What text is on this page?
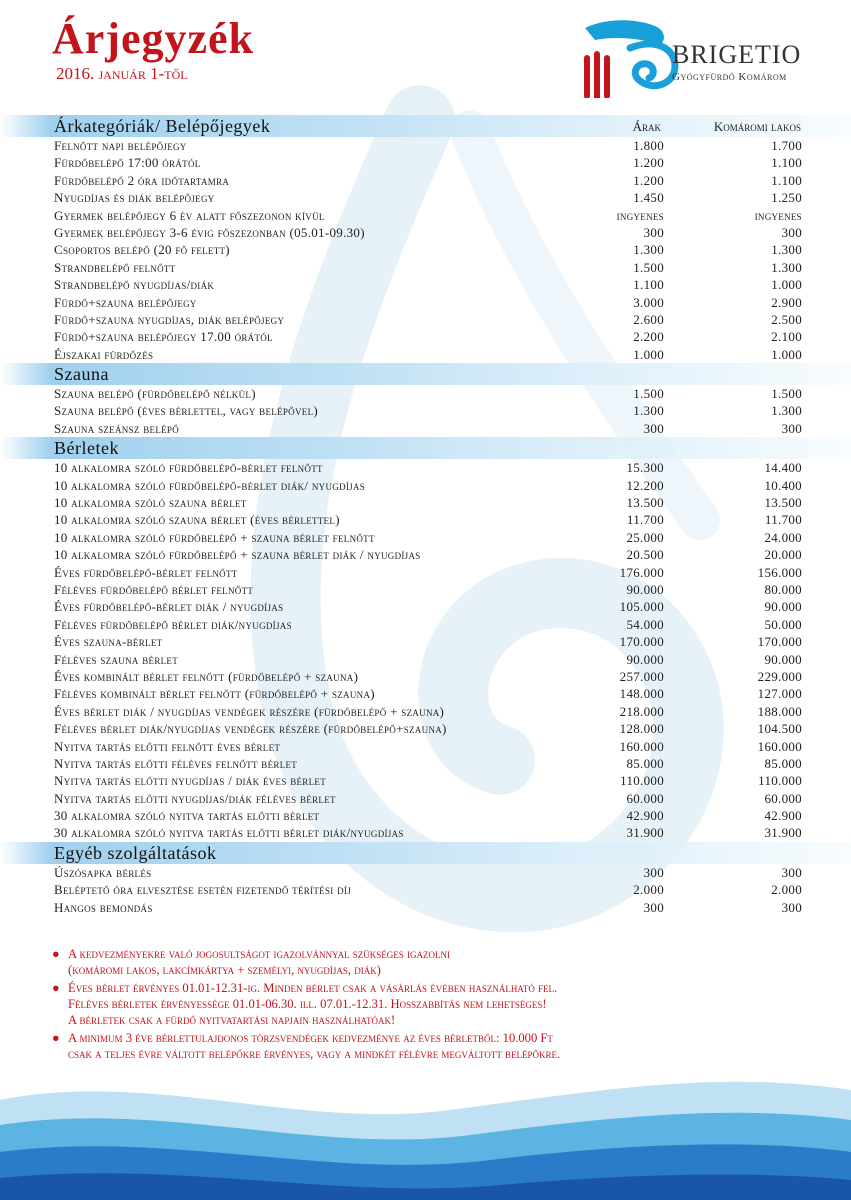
Árjegyzék
2016. január 1-től
BRIGETIO
Gyógyfürdő Komárom
Árkategóriák/ Belépőjegyek	Árak	Komáromi lakos
Felnőtt napi belépőjegy	1.800	1.700
Fürdőbelépő 17:00 órától	1.200	1.100
Fürdőbelépő 2 óra időtartamra	1.200	1.100
Nyugdíjas és diák belépőjegy	1.450	1.250
Gyermek belépőjegy 6 év alatt főszezonon kívül	ingyenes	ingyenes
Gyermek belépőjegy 3-6 évig főszezonban (05.01-09.30)	300	300
Csoportos belépő (20 fő felett)	1.300	1.300
Strandbelépő felnőtt	1.500	1.300
Strandbelépő nyugdíjas/diák	1.100	1.000
Fürdő+szauna belépőjegy	3.000	2.900
Fürdő+szauna nyugdíjas, diák belépőjegy	2.600	2.500
Fürdő+szauna belépőjegy 17.00 órától	2.200	2.100
Éjszakai fürdőzés	1.000	1.000
Szauna
Szauna belépő (fürdőbelépő nélkül)	1.500	1.500
Szauna belépő (éves bérlettel, vagy belépővel)	1.300	1.300
Szauna szeánsz belépő	300	300
Bérletek
10 alkalomra szóló fürdőbelépő-bérlet felnőtt	15.300	14.400
10 alkalomra szóló fürdőbelépő-bérlet diák/ nyugdíjas	12.200	10.400
10 alkalomra szóló szauna bérlet	13.500	13.500
10 alkalomra szóló szauna bérlet (éves bérlettel)	11.700	11.700
10 alkalomra szóló fürdőbelépő + szauna bérlet felnőtt	25.000	24.000
10 alkalomra szóló fürdőbelépő + szauna bérlet diák / nyugdíjas	20.500	20.000
Éves fürdőbelépő-bérlet felnőtt	176.000	156.000
Féléves fürdőbelépő bérlet felnőtt	90.000	80.000
Éves fürdőbelépő-bérlet diák / nyugdíjas	105.000	90.000
Féléves fürdőbelépő bérlet diák/nyugdíjas	54.000	50.000
Éves szauna-bérlet	170.000	170.000
Féléves szauna bérlet	90.000	90.000
Éves kombinált bérlet felnőtt (fürdőbelépő + szauna)	257.000	229.000
Féléves kombinált bérlet felnőtt (fürdőbelépő + szauna)	148.000	127.000
Éves bérlet diák / nyugdíjas vendégek részére (fürdőbelépő + szauna)	218.000	188.000
Féléves bérlet diák/nyugdíjas vendégek részére (fürdőbelépő+szauna)	128.000	104.500
Nyitva tartás előtti felnőtt éves bérlet	160.000	160.000
Nyitva tartás előtti féléves felnőtt bérlet	85.000	85.000
Nyitva tartás előtti nyugdíjas / diák éves bérlet	110.000	110.000
Nyitva tartás előtti nyugdíjas/diák féléves bérlet	60.000	60.000
30 alkalomra szóló nyitva tartás előtti bérlet	42.900	42.900
30 alkalomra szóló nyitva tartás előtti bérlet diák/nyugdíjas	31.900	31.900
Egyéb szolgáltatások
Úszósapka bérlés	300	300
Beléptető óra elvesztése esetén fizetendő térítési díj	2.000	2.000
Hangos bemondás	300	300
● A kedvezményekre való jogosultságot igazolvánnyal szükséges igazolni
(komáromi lakos, lakcímkártya + személyi, nyugdíjas, diák)
● Éves bérlet érvényes 01.01-12.31-ig. Minden bérlet csak a vásárlás évében használható fel.
Féléves bérletek érvényessége 01.01-06.30. ill. 07.01.-12.31. Hosszabbítás nem lehetséges!
A bérletek csak a fürdő nyitvatartási napjain használhatóak!
● A minimum 3 éve bérlettulajdonos törzsvendégek kedvezménye az éves bérletből: 10.000 Ft
csak a teljes évre váltott belépőkre érvényes, vagy a mindkét félévre megváltott belépőkre.
